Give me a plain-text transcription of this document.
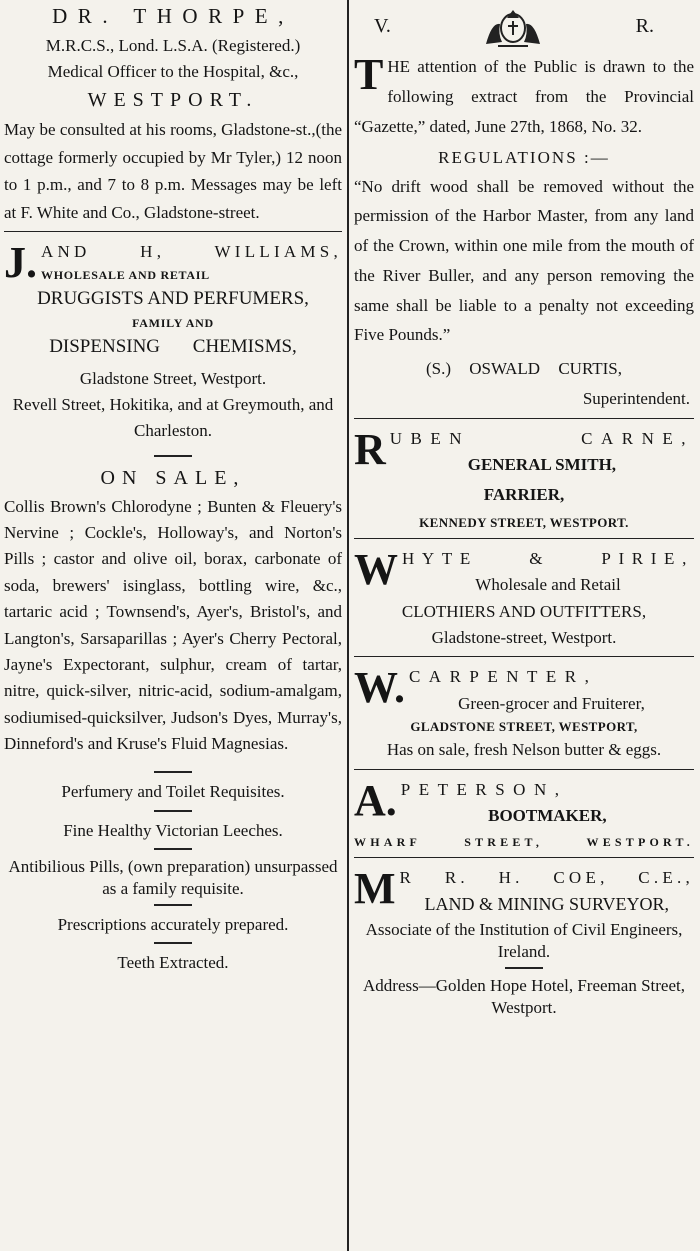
DR. THORPE,
M.R.C.S., Lond. L.S.A. (Registered.)
Medical Officer to the Hospital, &c.,
WESTPORT.
May be consulted at his rooms, Gladstone-st.,(the cottage formerly occupied by Mr Tyler,) 12 noon to 1 p.m., and 7 to 8 p.m. Messages may be left at F. White and Co., Gladstone-street.
J. AND H, WILLIAMS,
WHOLESALE AND RETAIL
DRUGGISTS AND PERFUMERS,
FAMILY AND
DISPENSING CHEMISMS,
Gladstone Street, Westport.
Revell Street, Hokitika, and at Greymouth, and Charleston.
ON SALE,
Collis Brown's Chlorodyne ; Bunten & Fleuery's Nervine ; Cockle's, Holloway's, and Norton's Pills ; castor and olive oil, borax, carbonate of soda, brewers' isinglass, bottling wire, &c., tartaric acid ; Townsend's, Ayer's, Bristol's, and Langton's, Sarsaparillas ; Ayer's Cherry Pectoral, Jayne's Expectorant, sulphur, cream of tartar, nitre, quick-silver, nitric-acid, sodium-amalgam, sodiumised-quicksilver, Judson's Dyes, Murray's, Dinneford's and Kruse's Fluid Magnesias.
Perfumery and Toilet Requisites.
Fine Healthy Victorian Leeches.
Antibilious Pills, (own preparation) unsurpassed as a family requisite.
Prescriptions accurately prepared.
Teeth Extracted.
V.	R.
T HE attention of the Public is drawn to the following extract from the Provincial “Gazette,” dated, June 27th, 1868, No. 32.
REGULATIONS :—
“No drift wood shall be removed without the permission of the Harbor Master, from any land of the Crown, within one mile from the mouth of the River Buller, and any person removing the same shall be liable to a penalty not exceeding Five Pounds.”
(S.) OSWALD CURTIS,
Superintendent.
R UBEN CARNE,
GENERAL SMITH,
FARRIER,
KENNEDY STREET, WESTPORT.
W HYTE & PIRIE,
Wholesale and Retail
CLOTHIERS AND OUTFITTERS,
Gladstone-street, Westport.
W. CARPENTER,
Green-grocer and Fruiterer,
GLADSTONE STREET, WESTPORT,
Has on sale, fresh Nelson butter & eggs.
A. PETERSON,
BOOTMAKER,
WHARF STREET, WESTPORT.
M R R. H. COE, C.E.,
LAND & MINING SURVEYOR,
Associate of the Institution of Civil Engineers, Ireland.
Address—Golden Hope Hotel, Freeman Street, Westport.
